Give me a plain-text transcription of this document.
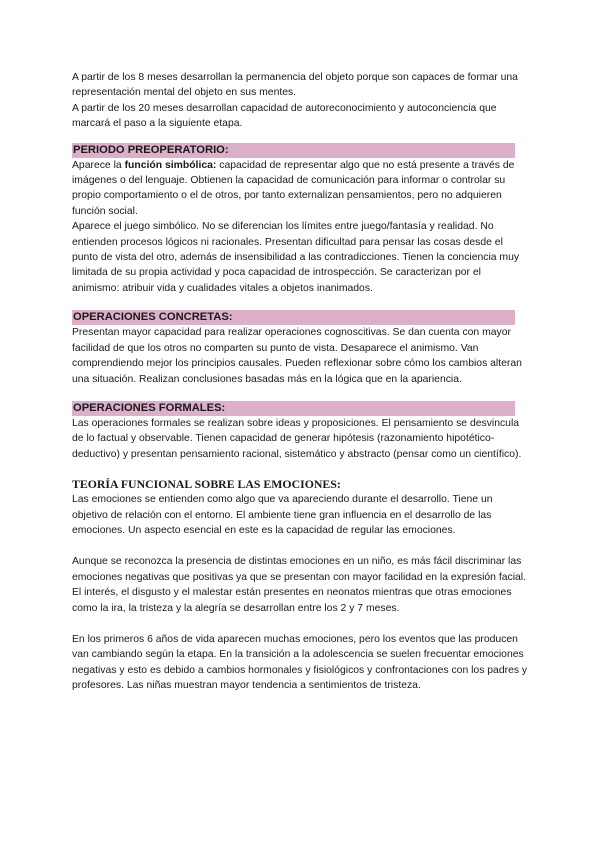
A partir de los 8 meses desarrollan la permanencia del objeto porque son capaces de formar una representación mental del objeto en sus mentes.

A partir de los 20 meses desarrollan capacidad de autoreconocimiento y autoconciencia que marcará el paso a la siguiente etapa.

PERIODO PREOPERATORIO:

Aparece la función simbólica: capacidad de representar algo que no está presente a través de imágenes o del lenguaje. Obtienen la capacidad de comunicación para informar o controlar su propio comportamiento o el de otros, por tanto externalizan pensamientos, pero no adquieren función social.

Aparece el juego simbólico. No se diferencian los límites entre juego/fantasía y realidad. No entienden procesos lógicos ni racionales. Presentan dificultad para pensar las cosas desde el punto de vista del otro, además de insensibilidad a las contradicciones. Tienen la conciencia muy limitada de su propia actividad y poca capacidad de introspección. Se caracterizan por el animismo: atribuir vida y cualidades vitales a objetos inanimados.

OPERACIONES CONCRETAS:

Presentan mayor capacidad para realizar operaciones cognoscitivas. Se dan cuenta con mayor facilidad de que los otros no comparten su punto de vista. Desaparece el animismo. Van comprendiendo mejor los principios causales. Pueden reflexionar sobre cómo los cambios alteran una situación. Realizan conclusiones basadas más en la lógica que en la apariencia.

OPERACIONES FORMALES:

Las operaciones formales se realizan sobre ideas y proposiciones. El pensamiento se desvincula de lo factual y observable. Tienen capacidad de generar hipótesis (razonamiento hipotético-deductivo) y presentan pensamiento racional, sistemático y abstracto (pensar como un científico).

TEORÍA FUNCIONAL SOBRE LAS EMOCIONES:

Las emociones se entienden como algo que va apareciendo durante el desarrollo. Tiene un objetivo de relación con el entorno. El ambiente tiene gran influencia en el desarrollo de las emociones. Un aspecto esencial en este es la capacidad de regular las emociones.

Aunque se reconozca la presencia de distintas emociones en un niño, es más fácil discriminar las emociones negativas que positivas ya que se presentan con mayor facilidad en la expresión facial. El interés, el disgusto y el malestar están presentes en neonatos mientras que otras emociones como la ira, la tristeza y la alegría se desarrollan entre los 2 y 7 meses.

En los primeros 6 años de vida aparecen muchas emociones, pero los eventos que las producen van cambiando según la etapa. En la transición a la adolescencia se suelen frecuentar emociones negativas y esto es debido a cambios hormonales y fisiológicos y confrontaciones con los padres y profesores. Las niñas muestran mayor tendencia a sentimientos de tristeza.
